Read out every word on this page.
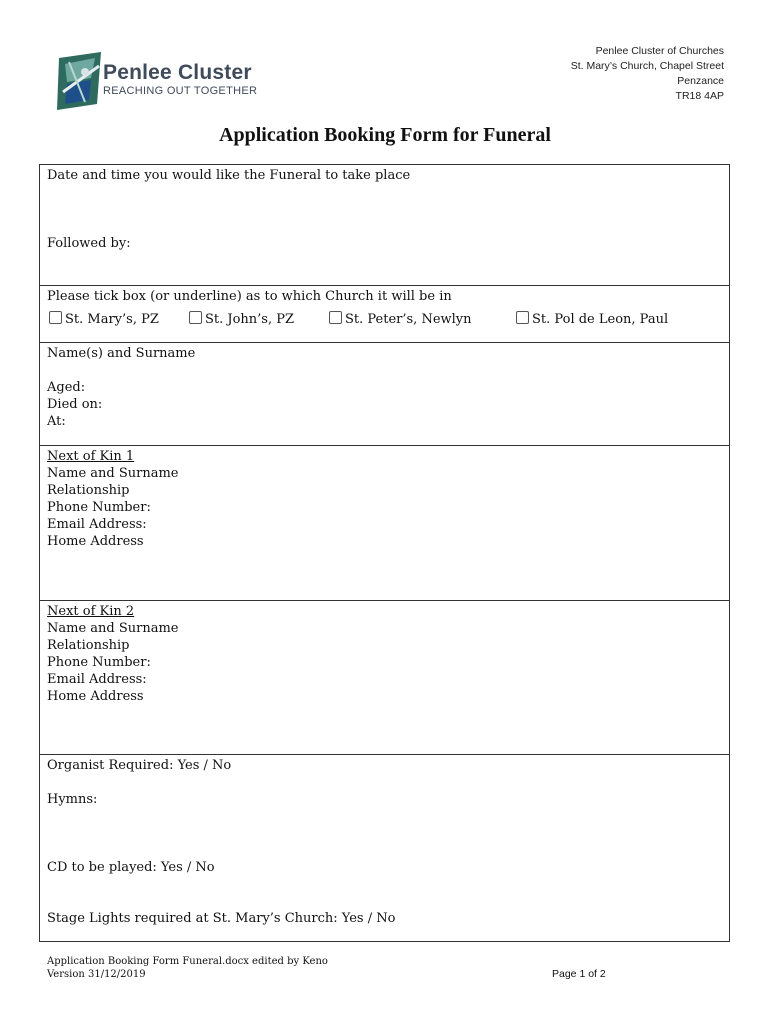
Penlee Cluster
REACHING OUT TOGETHER
Penlee Cluster of Churches
St. Mary’s Church, Chapel Street
Penzance
TR18 4AP
Application Booking Form for Funeral
Date and time you would like the Funeral to take place
Followed by:
Please tick box (or underline) as to which Church it will be in
St. Mary’s, PZ	St. John’s, PZ	St. Peter’s, Newlyn	St. Pol de Leon, Paul
Name(s) and Surname
Aged:
Died on:
At:
Next of Kin 1
Name and Surname
Relationship
Phone Number:
Email Address:
Home Address
Next of Kin 2
Name and Surname
Relationship
Phone Number:
Email Address:
Home Address
Organist Required: Yes / No
Hymns:
CD to be played: Yes / No
Stage Lights required at St. Mary’s Church: Yes / No
Application Booking Form Funeral.docx edited by Keno
Version 31/12/2019	Page 1 of 2
